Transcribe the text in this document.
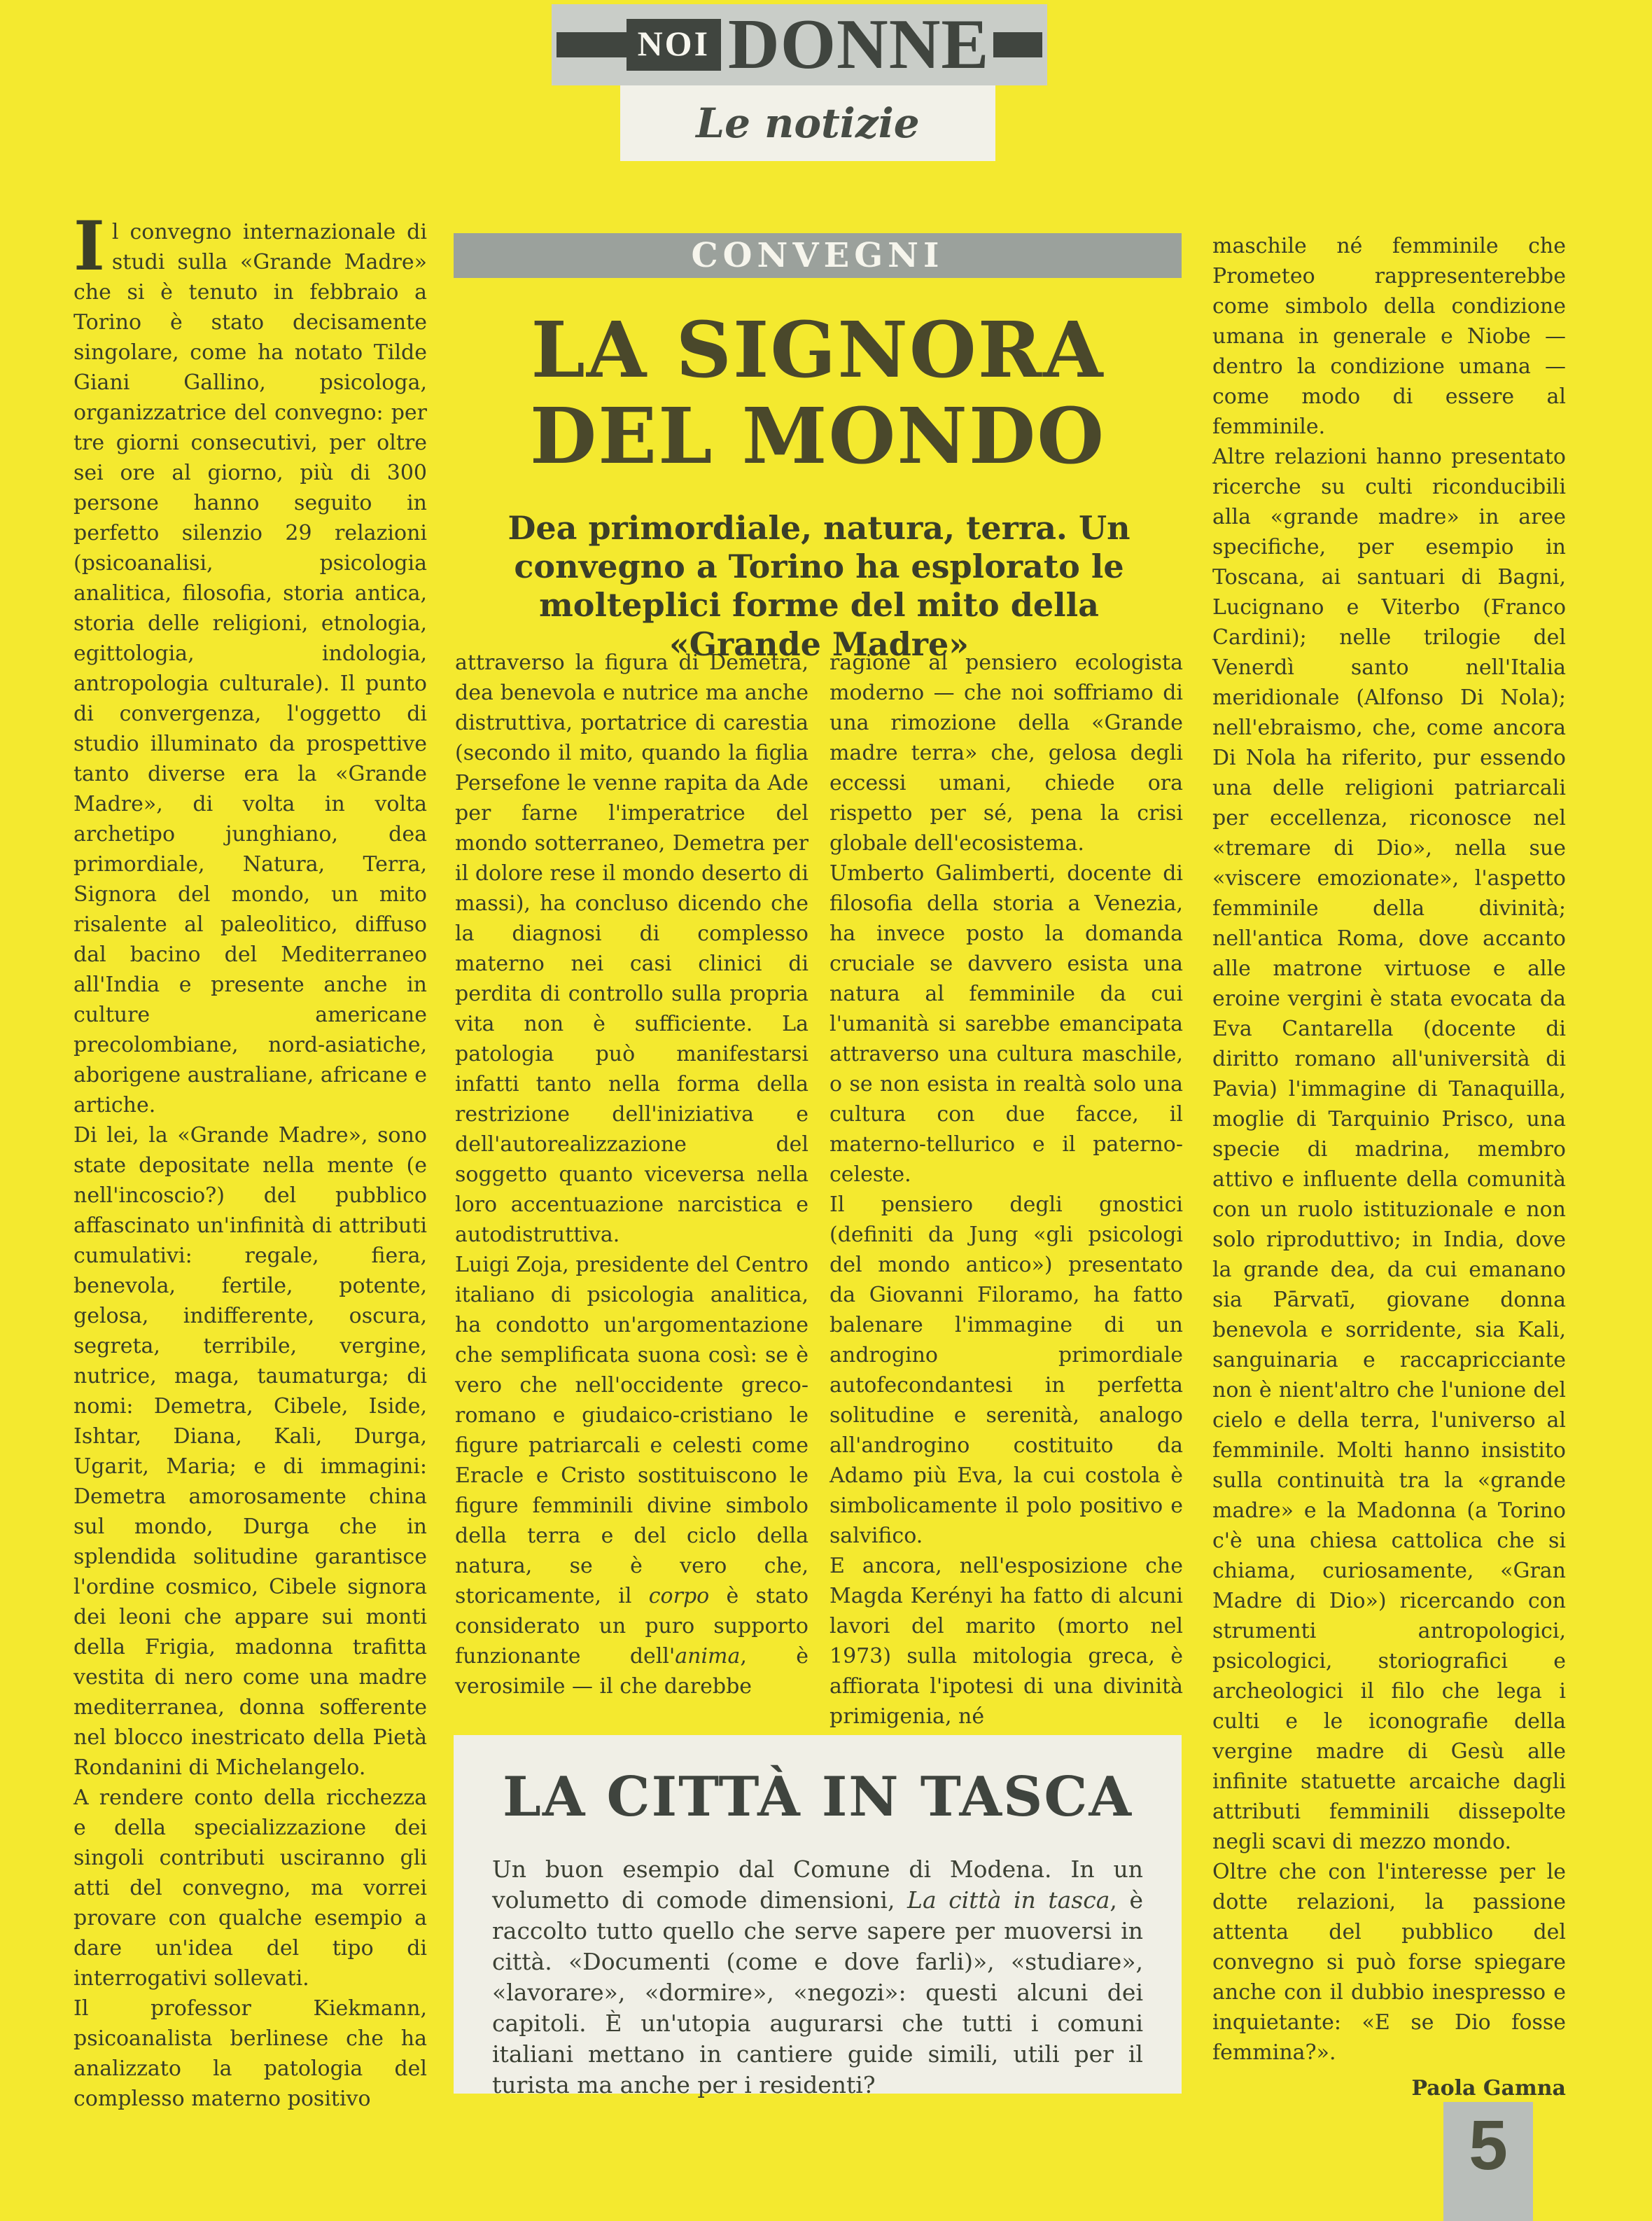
NOI DONNE
Le notizie
CONVEGNI
LA SIGNORA
DEL MONDO
Dea primordiale, natura, terra. Un convegno a Torino ha esplorato le molteplici forme del mito della «Grande Madre»

Il convegno internazionale di studi sulla «Grande Madre» che si è tenuto in febbraio a Torino è stato decisamente singolare, come ha notato Tilde Giani Gallino, psicologa, organizzatrice del convegno: per tre giorni consecutivi, per oltre sei ore al giorno, più di 300 persone hanno seguito in perfetto silenzio 29 relazioni (psicoanalisi, psicologia analitica, filosofia, storia antica, storia delle religioni, etnologia, egittologia, indologia, antropologia culturale). Il punto di convergenza, l'oggetto di studio illuminato da prospettive tanto diverse era la «Grande Madre», di volta in volta archetipo junghiano, dea primordiale, Natura, Terra, Signora del mondo, un mito risalente al paleolitico, diffuso dal bacino del Mediterraneo all'India e presente anche in culture americane precolombiane, nord-asiatiche, aborigene australiane, africane e artiche.

Di lei, la «Grande Madre», sono state depositate nella mente (e nell'incoscio?) del pubblico affascinato un'infinità di attributi cumulativi: regale, fiera, benevola, fertile, potente, gelosa, indifferente, oscura, segreta, terribile, vergine, nutrice, maga, taumaturga; di nomi: Demetra, Cibele, Iside, Ishtar, Diana, Kali, Durga, Ugarit, Maria; e di immagini: Demetra amorosamente china sul mondo, Durga che in splendida solitudine garantisce l'ordine cosmico, Cibele signora dei leoni che appare sui monti della Frigia, madonna trafitta vestita di nero come una madre mediterranea, donna sofferente nel blocco inestricato della Pietà Rondanini di Michelangelo.

A rendere conto della ricchezza e della specializzazione dei singoli contributi usciranno gli atti del convegno, ma vorrei provare con qualche esempio a dare un'idea del tipo di interrogativi sollevati.

Il professor Kiekmann, psicoanalista berlinese che ha analizzato la patologia del complesso materno positivo

attraverso la figura di Demetra, dea benevola e nutrice ma anche distruttiva, portatrice di carestia (secondo il mito, quando la figlia Persefone le venne rapita da Ade per farne l'imperatrice del mondo sotterraneo, Demetra per il dolore rese il mondo deserto di massi), ha concluso dicendo che la diagnosi di complesso materno nei casi clinici di perdita di controllo sulla propria vita non è sufficiente. La patologia può manifestarsi infatti tanto nella forma della restrizione dell'iniziativa e dell'autorealizzazione del soggetto quanto viceversa nella loro accentuazione narcistica e autodistruttiva.

Luigi Zoja, presidente del Centro italiano di psicologia analitica, ha condotto un'argomentazione che semplificata suona così: se è vero che nell'occidente greco-romano e giudaico-cristiano le figure patriarcali e celesti come Eracle e Cristo sostituiscono le figure femminili divine simbolo della terra e del ciclo della natura, se è vero che, storicamente, il corpo è stato considerato un puro supporto funzionante dell'anima, è verosimile — il che darebbe

ragione al pensiero ecologista moderno — che noi soffriamo di una rimozione della «Grande madre terra» che, gelosa degli eccessi umani, chiede ora rispetto per sé, pena la crisi globale dell'ecosistema.

Umberto Galimberti, docente di filosofia della storia a Venezia, ha invece posto la domanda cruciale se davvero esista una natura al femminile da cui l'umanità si sarebbe emancipata attraverso una cultura maschile, o se non esista in realtà solo una cultura con due facce, il materno-tellurico e il paterno-celeste.

Il pensiero degli gnostici (definiti da Jung «gli psicologi del mondo antico») presentato da Giovanni Filoramo, ha fatto balenare l'immagine di un androgino primordiale autofecondantesi in perfetta solitudine e serenità, analogo all'androgino costituito da Adamo più Eva, la cui costola è simbolicamente il polo positivo e salvifico.

E ancora, nell'esposizione che Magda Kerényi ha fatto di alcuni lavori del marito (morto nel 1973) sulla mitologia greca, è affiorata l'ipotesi di una divinità primigenia, né

maschile né femminile che Prometeo rappresenterebbe come simbolo della condizione umana in generale e Niobe — dentro la condizione umana — come modo di essere al femminile.

Altre relazioni hanno presentato ricerche su culti riconducibili alla «grande madre» in aree specifiche, per esempio in Toscana, ai santuari di Bagni, Lucignano e Viterbo (Franco Cardini); nelle trilogie del Venerdì santo nell'Italia meridionale (Alfonso Di Nola); nell'ebraismo, che, come ancora Di Nola ha riferito, pur essendo una delle religioni patriarcali per eccellenza, riconosce nel «tremare di Dio», nella sue «viscere emozionate», l'aspetto femminile della divinità; nell'antica Roma, dove accanto alle matrone virtuose e alle eroine vergini è stata evocata da Eva Cantarella (docente di diritto romano all'università di Pavia) l'immagine di Tanaquilla, moglie di Tarquinio Prisco, una specie di madrina, membro attivo e influente della comunità con un ruolo istituzionale e non solo riproduttivo; in India, dove la grande dea, da cui emanano sia Pārvatī, giovane donna benevola e sorridente, sia Kali, sanguinaria e raccapricciante non è nient'altro che l'unione del cielo e della terra, l'universo al femminile. Molti hanno insistito sulla continuità tra la «grande madre» e la Madonna (a Torino c'è una chiesa cattolica che si chiama, curiosamente, «Gran Madre di Dio») ricercando con strumenti antropologici, psicologici, storiografici e archeologici il filo che lega i culti e le iconografie della vergine madre di Gesù alle infinite statuette arcaiche dagli attributi femminili dissepolte negli scavi di mezzo mondo.

Oltre che con l'interesse per le dotte relazioni, la passione attenta del pubblico del convegno si può forse spiegare anche con il dubbio inespresso e inquietante: «E se Dio fosse femmina?».

Paola Gamna

LA CITTÀ IN TASCA

Un buon esempio dal Comune di Modena. In un volumetto di comode dimensioni, La città in tasca, è raccolto tutto quello che serve sapere per muoversi in città. «Documenti (come e dove farli)», «studiare», «lavorare», «dormire», «negozi»: questi alcuni dei capitoli. È un'utopia augurarsi che tutti i comuni italiani mettano in cantiere guide simili, utili per il turista ma anche per i residenti?

5
